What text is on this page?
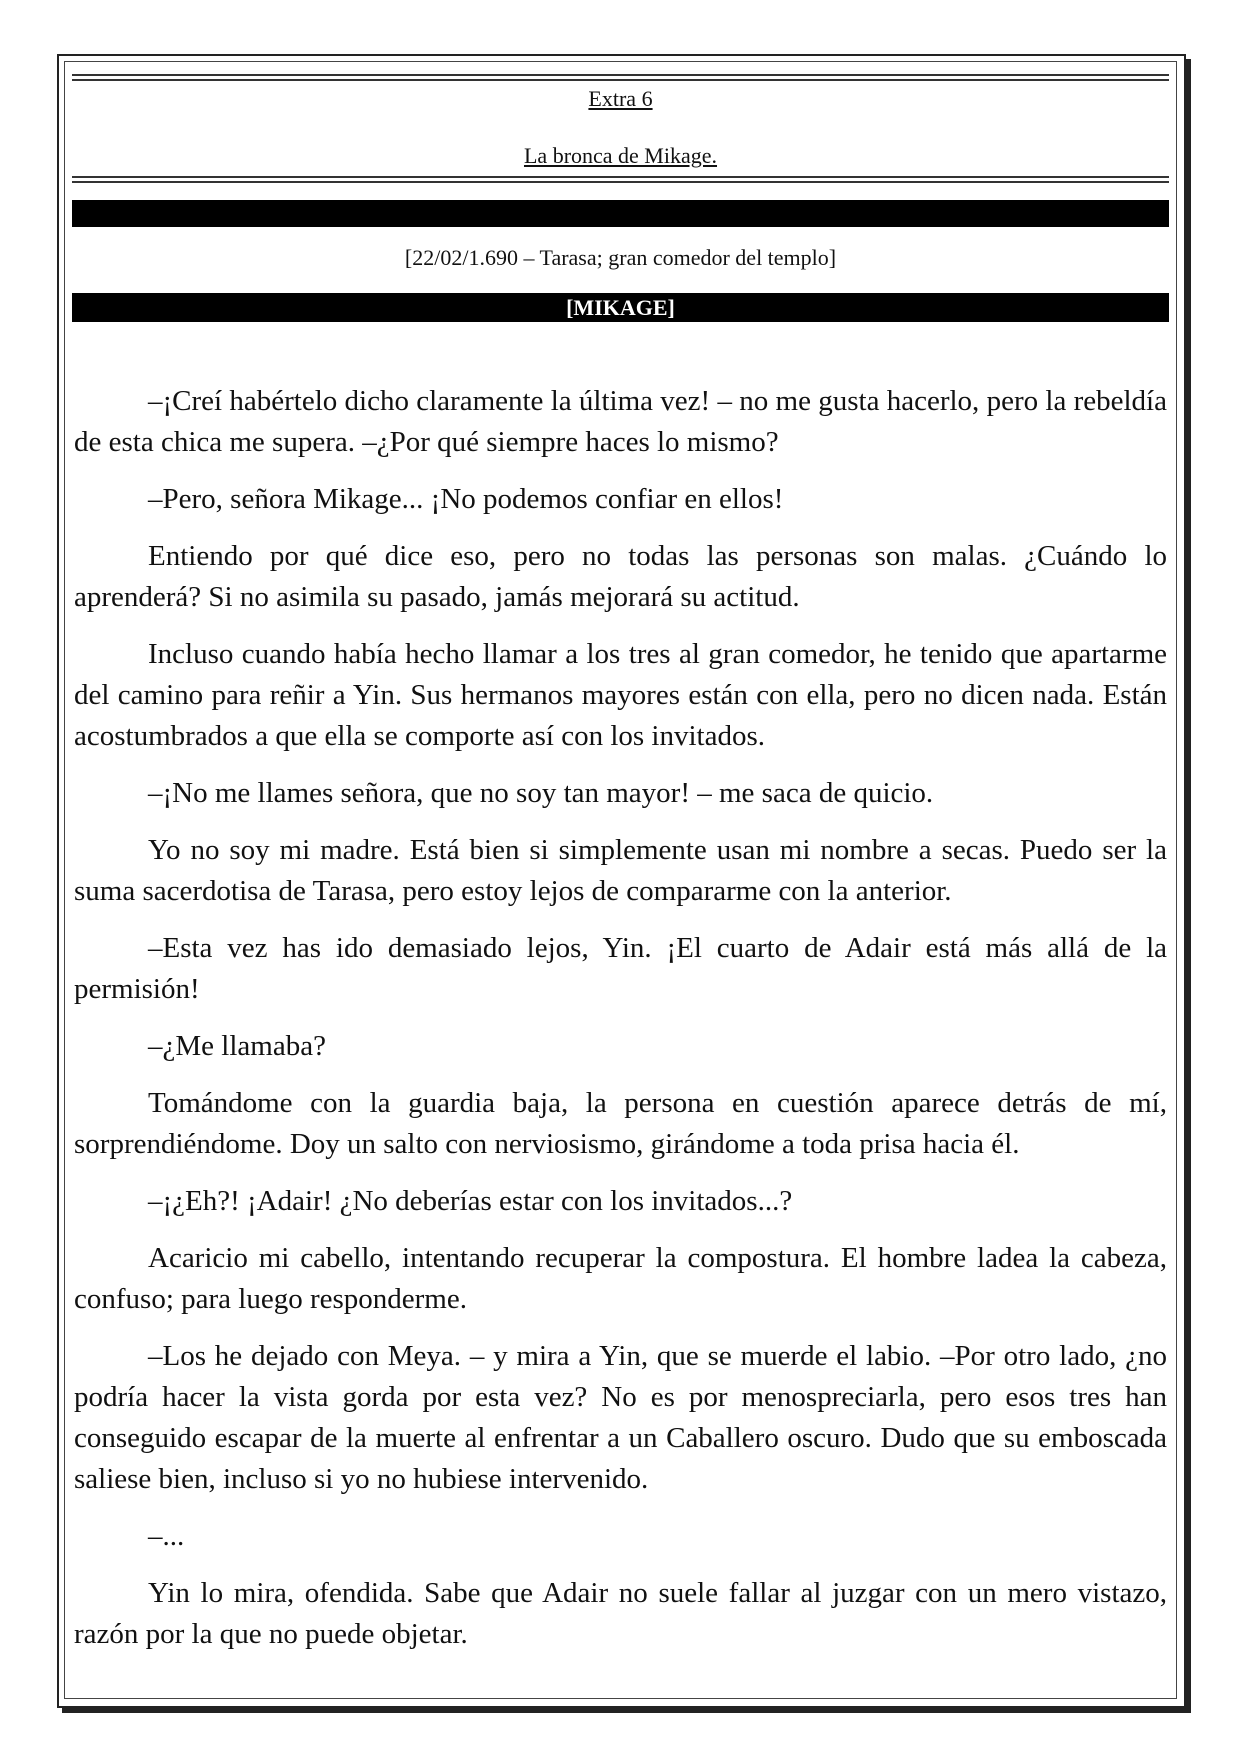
Extra 6
La bronca de Mikage.
[22/02/1.690 – Tarasa; gran comedor del templo]
[MIKAGE]

–¡Creí habértelo dicho claramente la última vez! – no me gusta hacerlo, pero la rebeldía de esta chica me supera. –¿Por qué siempre haces lo mismo?

–Pero, señora Mikage... ¡No podemos confiar en ellos!

Entiendo por qué dice eso, pero no todas las personas son malas. ¿Cuándo lo aprenderá? Si no asimila su pasado, jamás mejorará su actitud.

Incluso cuando había hecho llamar a los tres al gran comedor, he tenido que apartarme del camino para reñir a Yin. Sus hermanos mayores están con ella, pero no dicen nada. Están acostumbrados a que ella se comporte así con los invitados.

–¡No me llames señora, que no soy tan mayor! – me saca de quicio.

Yo no soy mi madre. Está bien si simplemente usan mi nombre a secas. Puedo ser la suma sacerdotisa de Tarasa, pero estoy lejos de compararme con la anterior.

–Esta vez has ido demasiado lejos, Yin. ¡El cuarto de Adair está más allá de la permisión!

–¿Me llamaba?

Tomándome con la guardia baja, la persona en cuestión aparece detrás de mí, sorprendiéndome. Doy un salto con nerviosismo, girándome a toda prisa hacia él.

–¡¿Eh?! ¡Adair! ¿No deberías estar con los invitados...?

Acaricio mi cabello, intentando recuperar la compostura. El hombre ladea la cabeza, confuso; para luego responderme.

–Los he dejado con Meya. – y mira a Yin, que se muerde el labio. –Por otro lado, ¿no podría hacer la vista gorda por esta vez? No es por menospreciarla, pero esos tres han conseguido escapar de la muerte al enfrentar a un Caballero oscuro. Dudo que su emboscada saliese bien, incluso si yo no hubiese intervenido.

–...

Yin lo mira, ofendida. Sabe que Adair no suele fallar al juzgar con un mero vistazo, razón por la que no puede objetar.
